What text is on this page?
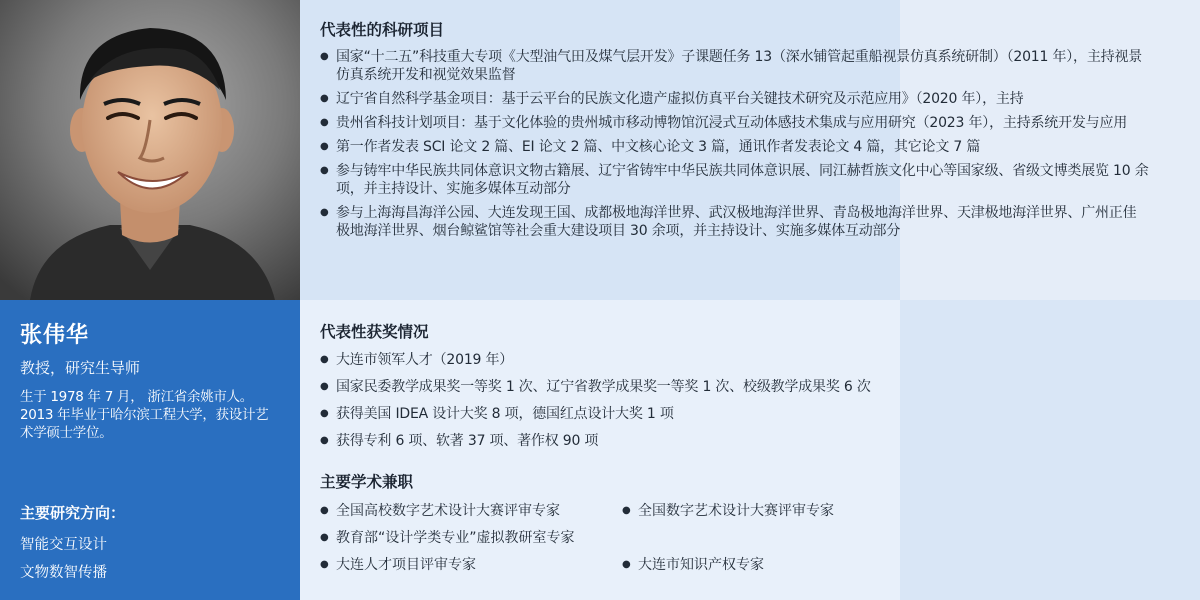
张伟华
教授，研究生导师

生于 1978 年 7 月， 浙江省余姚市人。2013 年毕业于哈尔滨工程大学，获设计艺术学硕士学位。

主要研究方向：
智能交互设计
文物数智传播
代表性的科研项目
● 国家“十二五”科技重大专项《大型油气田及煤气层开发》子课题任务 13（深水铺管起重船视景仿真系统研制）（2011 年），主持视景仿真系统开发和视觉效果监督
● 辽宁省自然科学基金项目：基于云平台的民族文化遗产虚拟仿真平台关键技术研究及示范应用》（2020 年），主持
● 贵州省科技计划项目：基于文化体验的贵州城市移动博物馆沉浸式互动体感技术集成与应用研究（2023 年），主持系统开发与应用
● 第一作者发表 SCI 论文 2 篇、EI 论文 2 篇、中文核心论文 3 篇，通讯作者发表论文 4 篇，其它论文 7 篇
● 参与铸牢中华民族共同体意识文物古籍展、辽宁省铸牢中华民族共同体意识展、同江赫哲族文化中心等国家级、省级文博类展览 10 余项，并主持设计、实施多媒体互动部分
● 参与上海海昌海洋公园、大连发现王国、成都极地海洋世界、武汉极地海洋世界、青岛极地海洋世界、天津极地海洋世界、广州正佳极地海洋世界、烟台鲸鲨馆等社会重大建设项目 30 余项，并主持设计、实施多媒体互动部分
代表性获奖情况
● 大连市领军人才（2019 年）
● 国家民委教学成果奖一等奖 1 次、辽宁省教学成果奖一等奖 1 次、校级教学成果奖 6 次
● 获得美国 IDEA 设计大奖 8 项，德国红点设计大奖 1 项
● 获得专利 6 项、软著 37 项、著作权 90 项
主要学术兼职
● 全国高校数字艺术设计大赛评审专家	● 全国数字艺术设计大赛评审专家
● 教育部“设计学类专业”虚拟教研室专家
● 大连人才项目评审专家	● 大连市知识产权专家
